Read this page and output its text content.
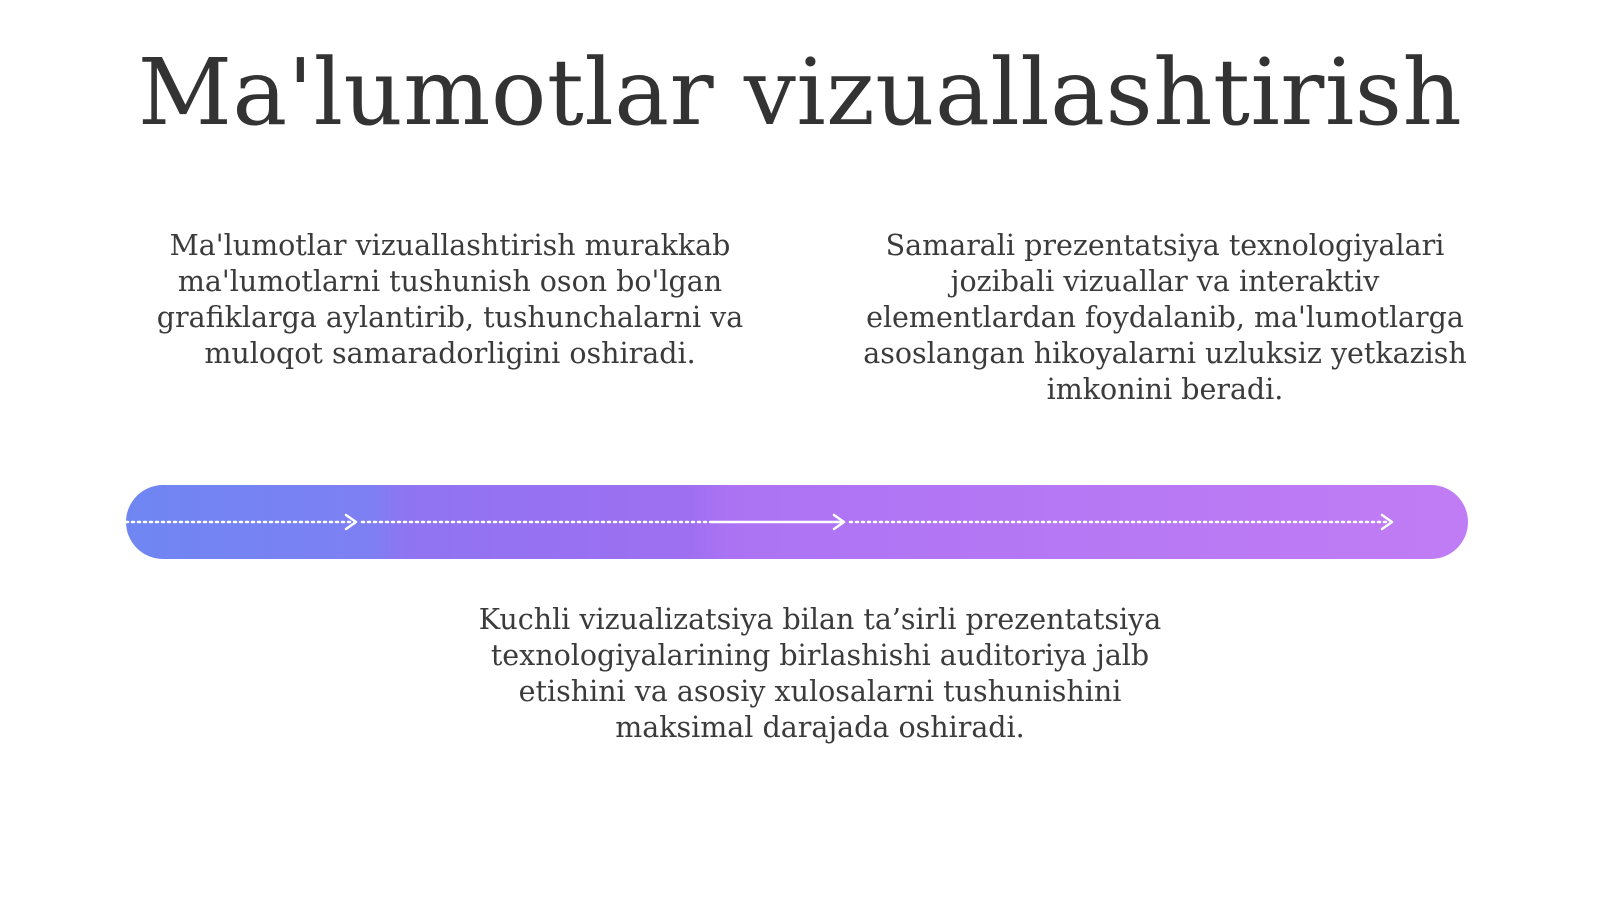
Ma'lumotlar vizuallashtirish
Ma'lumotlar vizuallashtirish murakkab ma'lumotlarni tushunish oson bo'lgan grafiklarga aylantirib, tushunchalarni va muloqot samaradorligini oshiradi.
Samarali prezentatsiya texnologiyalari jozibali vizuallar va interaktiv elementlardan foydalanib, ma'lumotlarga asoslangan hikoyalarni uzluksiz yetkazish imkonini beradi.
Kuchli vizualizatsiya bilan ta’sirli prezentatsiya texnologiyalarining birlashishi auditoriya jalb etishini va asosiy xulosalarni tushunishini maksimal darajada oshiradi.
